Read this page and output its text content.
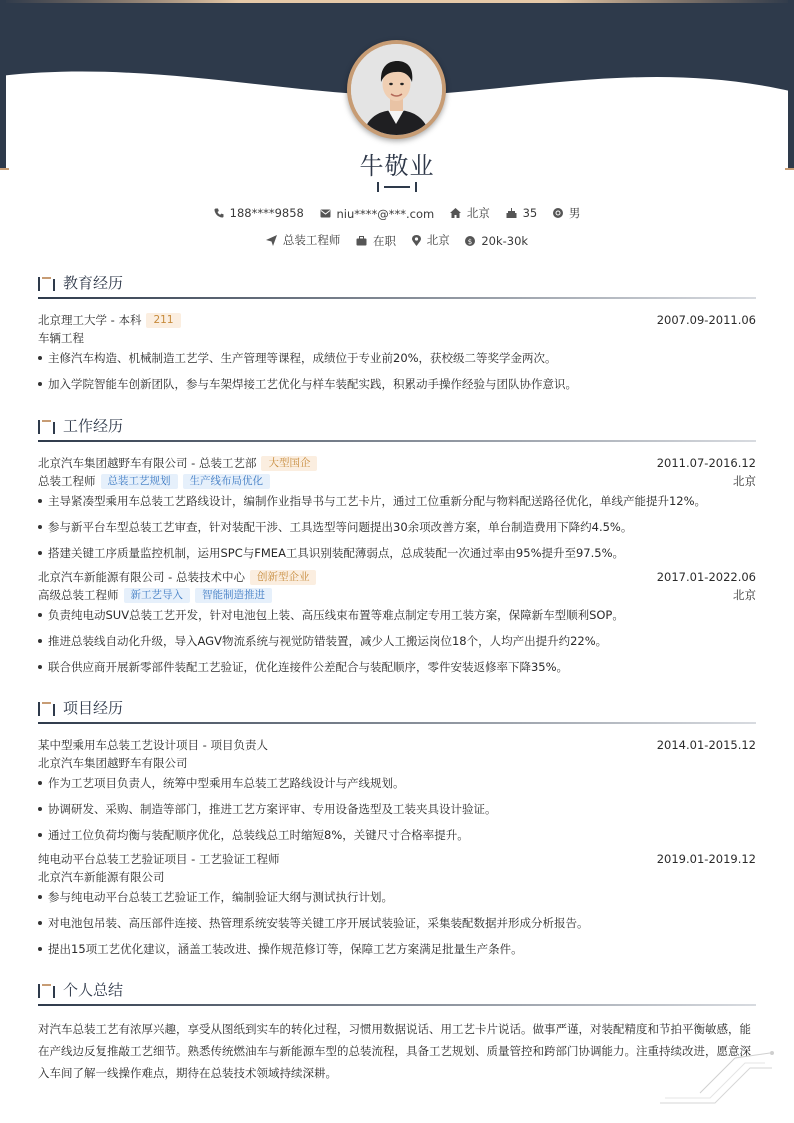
牛敬业
188****9858
	niu****@***.com
	北京
	35
	男
总装工程师
	在职
	北京
	$ 20k-30k
教育经历
北京理工大学 - 本科 211	2007.09-2011.06
车辆工程
主修汽车构造、机械制造工艺学、生产管理等课程，成绩位于专业前20%，获校级二等奖学金两次。
加入学院智能车创新团队，参与车架焊接工艺优化与样车装配实践，积累动手操作经验与团队协作意识。
工作经历
北京汽车集团越野车有限公司 - 总装工艺部 大型国企	2011.07-2016.12
总装工程师 总装工艺规划 生产线布局优化	北京
主导紧凑型乘用车总装工艺路线设计，编制作业指导书与工艺卡片，通过工位重新分配与物料配送路径优化，单线产能提升12%。
参与新平台车型总装工艺审查，针对装配干涉、工具选型等问题提出30余项改善方案，单台制造费用下降约4.5%。
搭建关键工序质量监控机制，运用SPC与FMEA工具识别装配薄弱点，总成装配一次通过率由95%提升至97.5%。
北京汽车新能源有限公司 - 总装技术中心 创新型企业	2017.01-2022.06
高级总装工程师 新工艺导入 智能制造推进	北京
负责纯电动SUV总装工艺开发，针对电池包上装、高压线束布置等难点制定专用工装方案，保障新车型顺利SOP。
推进总装线自动化升级，导入AGV物流系统与视觉防错装置，减少人工搬运岗位18个，人均产出提升约22%。
联合供应商开展新零部件装配工艺验证，优化连接件公差配合与装配顺序，零件安装返修率下降35%。
项目经历
某中型乘用车总装工艺设计项目 - 项目负责人	2014.01-2015.12
北京汽车集团越野车有限公司
作为工艺项目负责人，统筹中型乘用车总装工艺路线设计与产线规划。
协调研发、采购、制造等部门，推进工艺方案评审、专用设备选型及工装夹具设计验证。
通过工位负荷均衡与装配顺序优化，总装线总工时缩短8%，关键尺寸合格率提升。
纯电动平台总装工艺验证项目 - 工艺验证工程师	2019.01-2019.12
北京汽车新能源有限公司
参与纯电动平台总装工艺验证工作，编制验证大纲与测试执行计划。
对电池包吊装、高压部件连接、热管理系统安装等关键工序开展试装验证，采集装配数据并形成分析报告。
提出15项工艺优化建议，涵盖工装改进、操作规范修订等，保障工艺方案满足批量生产条件。
个人总结
对汽车总装工艺有浓厚兴趣，享受从图纸到实车的转化过程，习惯用数据说话、用工艺卡片说话。做事严谨，对装配精度和节拍平衡敏感，能在产线边反复推敲工艺细节。熟悉传统燃油车与新能源车型的总装流程，具备工艺规划、质量管控和跨部门协调能力。注重持续改进，愿意深入车间了解一线操作难点，期待在总装技术领域持续深耕。
